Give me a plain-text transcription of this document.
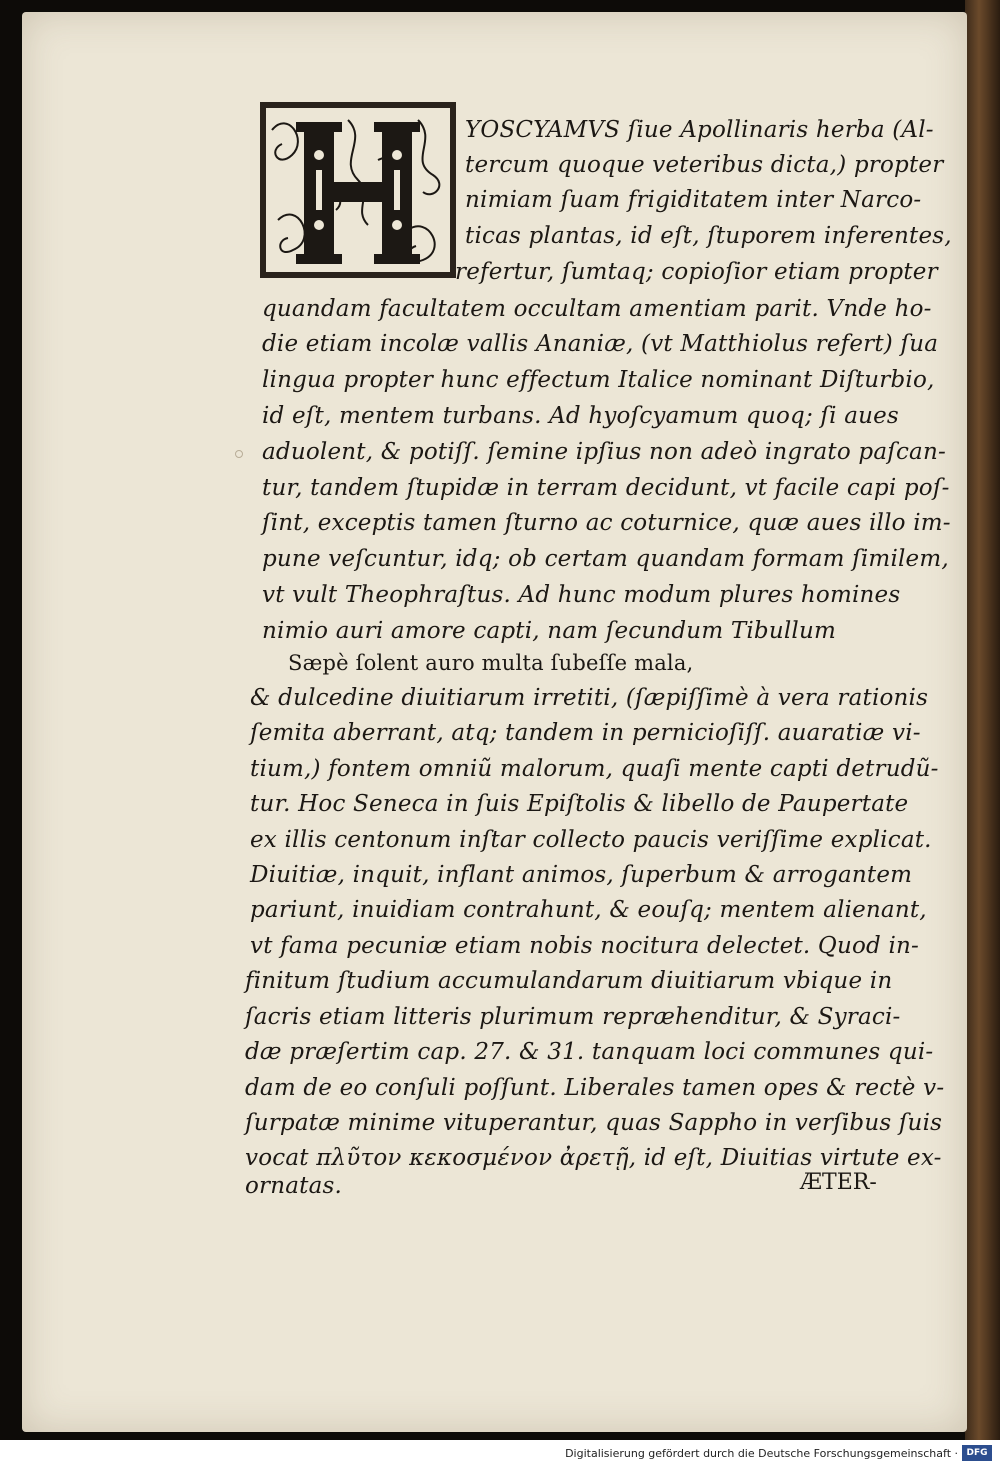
YOSCYAMVS ſiue Apollinaris herba (Al-
tercum quoque veteribus dicta,) propter
nimiam ſuam frigiditatem inter Narco-
ticas plantas, id eſt, ſtuporem inferentes,
refertur, ſumtaq; copioſior etiam propter
quandam facultatem occultam amentiam parit. Vnde ho-
die etiam incolæ vallis Ananiæ, (vt Matthiolus refert) ſua
lingua propter hunc effectum Italice nominant Diſturbio,
id eſt, mentem turbans. Ad hyoſcyamum quoq; ſi aues
aduolent, & potiſſ. ſemine ipſius non adeò ingrato paſcan-
tur, tandem ſtupidæ in terram decidunt, vt facile capi poſ-
ſint, exceptis tamen ſturno ac coturnice, quæ aues illo im-
pune veſcuntur, idq; ob certam quandam formam ſimilem,
vt vult Theophraſtus. Ad hunc modum plures homines
nimio auri amore capti, nam ſecundum Tibullum
Sæpè ſolent auro multa ſubeſſe mala,
& dulcedine diuitiarum irretiti, (ſæpiſſimè à vera rationis
ſemita aberrant, atq; tandem in pernicioſiſſ. auaratiæ vi-
tium,) fontem omniũ malorum, quaſi mente capti detrudũ-
tur. Hoc Seneca in ſuis Epiſtolis & libello de Paupertate
ex illis centonum inſtar collecto paucis veriſſime explicat.
Diuitiæ, inquit, inflant animos, ſuperbum & arrogantem
pariunt, inuidiam contrahunt, & eouſq; mentem alienant,
vt fama pecuniæ etiam nobis nocitura delectet. Quod in-
finitum ſtudium accumulandarum diuitiarum vbique in
ſacris etiam litteris plurimum repræhenditur, & Syraci-
dæ præſertim cap. 27. & 31. tanquam loci communes qui-
dam de eo conſuli poſſunt. Liberales tamen opes & rectè v-
ſurpatæ minime vituperantur, quas Sappho in verſibus ſuis
vocat πλῦτον κεκοσμένον ἀρετῇ, id eſt, Diuitias virtute ex-
ornatas.	ÆTER-
Digitalisierung gefördert durch die Deutsche Forschungsgemeinschaft · DFG
